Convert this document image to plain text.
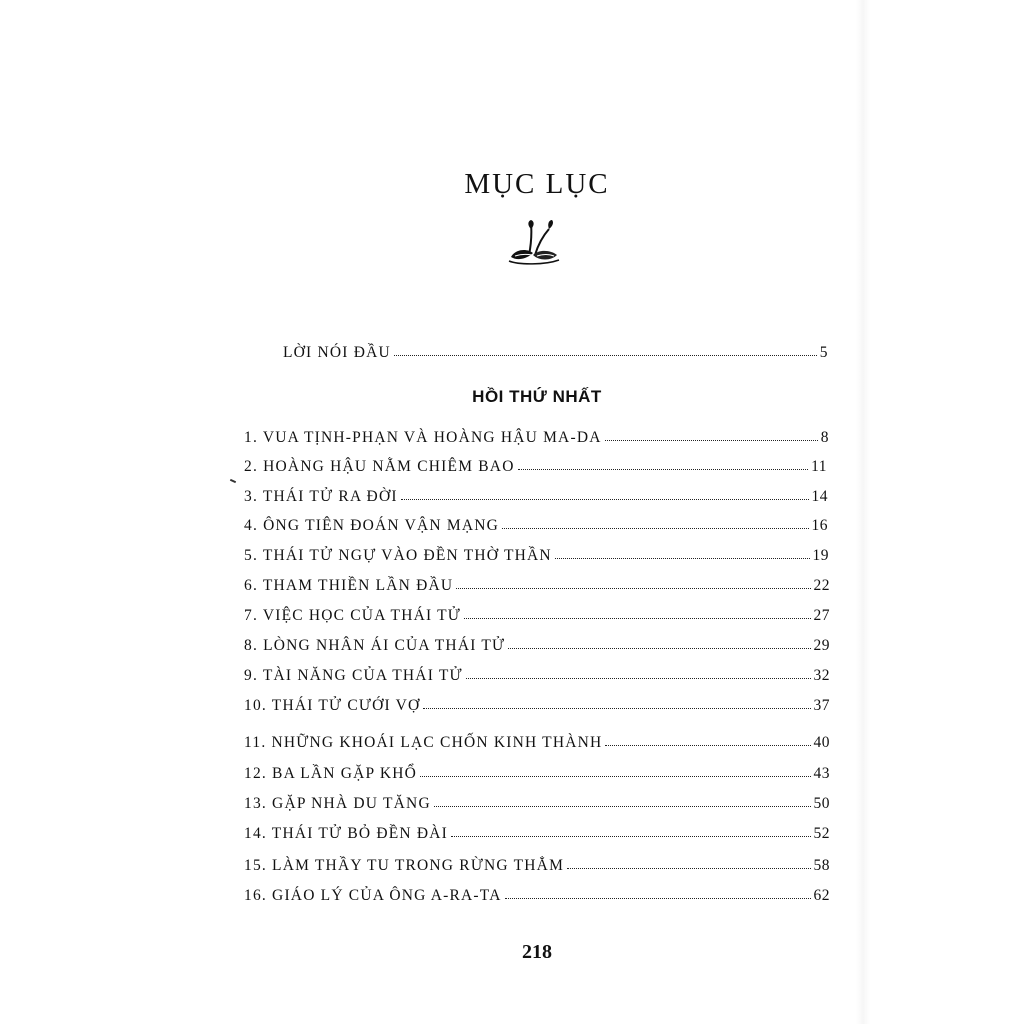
MỤC LỤC
LỜI NÓI ĐẦU	5
HỒI THỨ NHẤT
1. VUA TỊNH-PHẠN VÀ HOÀNG HẬU MA-DA	8
2. HOÀNG HẬU NẰM CHIÊM BAO	11
3. THÁI TỬ RA ĐỜI	14
4. ÔNG TIÊN ĐOÁN VẬN MẠNG	16
5. THÁI TỬ NGỰ VÀO ĐỀN THỜ THẦN	19
6. THAM THIỀN LẦN ĐẦU	22
7. VIỆC HỌC CỦA THÁI TỬ	27
8. LÒNG NHÂN ÁI CỦA THÁI TỬ	29
9. TÀI NĂNG CỦA THÁI TỬ	32
10. THÁI TỬ CƯỚI VỢ	37
11. NHỮNG KHOÁI LẠC CHỐN KINH THÀNH	40
12. BA LẦN GẶP KHỔ	43
13. GẶP NHÀ DU TĂNG	50
14. THÁI TỬ BỎ ĐỀN ĐÀI	52
15. LÀM THẦY TU TRONG RỪNG THẲM	58
16. GIÁO LÝ CỦA ÔNG A-RA-TA	62
218
